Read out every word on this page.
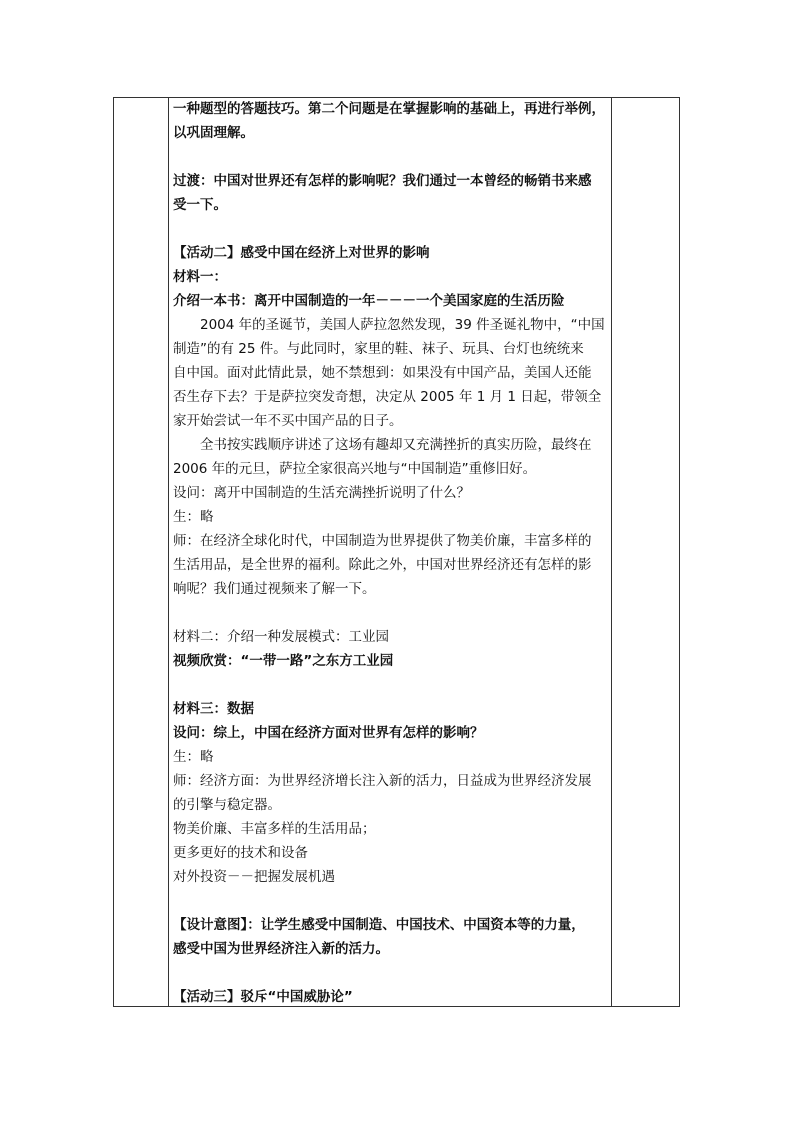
一种题型的答题技巧。第二个问题是在掌握影响的基础上，再进行举例，

以巩固理解。

过渡：中国对世界还有怎样的影响呢？我们通过一本曾经的畅销书来感

受一下。

【活动二】感受中国在经济上对世界的影响

材料一：

介绍一本书：离开中国制造的一年－－－一个美国家庭的生活历险

2004 年的圣诞节，美国人萨拉忽然发现，39 件圣诞礼物中，“中国

制造”的有 25 件。与此同时，家里的鞋、袜子、玩具、台灯也统统来

自中国。面对此情此景，她不禁想到：如果没有中国产品，美国人还能

否生存下去？于是萨拉突发奇想，决定从 2005 年 1 月 1 日起，带领全

家开始尝试一年不买中国产品的日子。

全书按实践顺序讲述了这场有趣却又充满挫折的真实历险，最终在

2006 年的元旦，萨拉全家很高兴地与“中国制造”重修旧好。

设问：离开中国制造的生活充满挫折说明了什么？

生：略

师：在经济全球化时代，中国制造为世界提供了物美价廉，丰富多样的

生活用品，是全世界的福利。除此之外，中国对世界经济还有怎样的影

响呢？我们通过视频来了解一下。

材料二：介绍一种发展模式：工业园

视频欣赏：“一带一路”之东方工业园

材料三：数据

设问：综上，中国在经济方面对世界有怎样的影响？

生：略

师：经济方面：为世界经济增长注入新的活力，日益成为世界经济发展

的引擎与稳定器。

物美价廉、丰富多样的生活用品；

更多更好的技术和设备

对外投资－－把握发展机遇

【设计意图】：让学生感受中国制造、中国技术、中国资本等的力量，

感受中国为世界经济注入新的活力。

【活动三】驳斥“中国威胁论”
